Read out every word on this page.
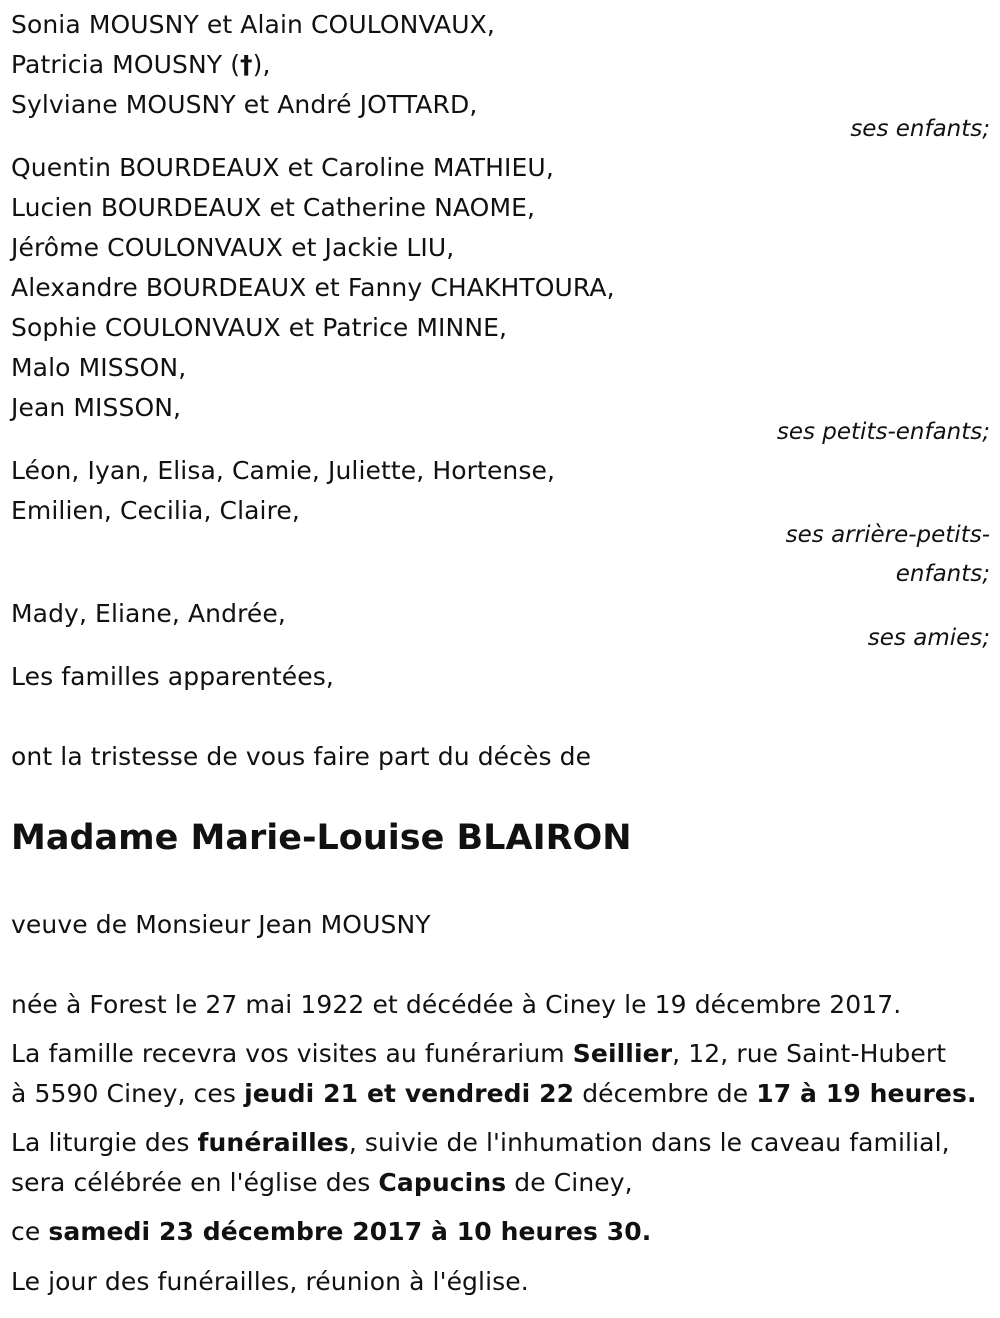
Sonia MOUSNY et Alain COULONVAUX,
Patricia MOUSNY (†),
Sylviane MOUSNY et André JOTTARD,
ses enfants;
Quentin BOURDEAUX et Caroline MATHIEU,
Lucien BOURDEAUX et Catherine NAOME,
Jérôme COULONVAUX et Jackie LIU,
Alexandre BOURDEAUX et Fanny CHAKHTOURA,
Sophie COULONVAUX et Patrice MINNE,
Malo MISSON,
Jean MISSON,
ses petits-enfants;
Léon, Iyan, Elisa, Camie, Juliette, Hortense,
Emilien, Cecilia, Claire,
ses arrière-petits-
enfants;
Mady, Eliane, Andrée,
ses amies;
Les familles apparentées,
ont la tristesse de vous faire part du décès de
Madame Marie-Louise BLAIRON
veuve de Monsieur Jean MOUSNY
née à Forest le 27 mai 1922 et décédée à Ciney le 19 décembre 2017.
La famille recevra vos visites au funérarium Seillier, 12, rue Saint-Hubert
à 5590 Ciney, ces jeudi 21 et vendredi 22 décembre de 17 à 19 heures.
La liturgie des funérailles, suivie de l'inhumation dans le caveau familial,
sera célébrée en l'église des Capucins de Ciney,
ce samedi 23 décembre 2017 à 10 heures 30.
Le jour des funérailles, réunion à l'église.
